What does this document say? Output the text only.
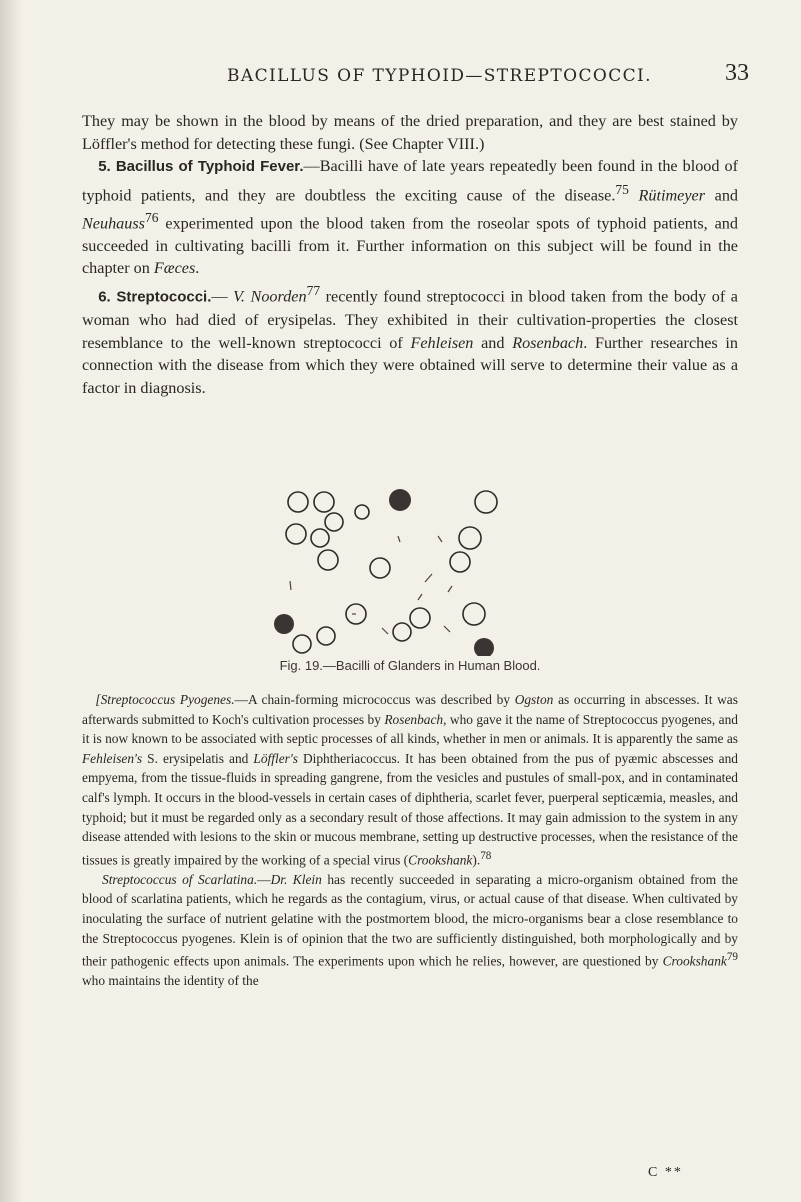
BACILLUS OF TYPHOID—STREPTOCOCCI.	33

They may be shown in the blood by means of the dried preparation, and they are best stained by Löffler's method for detecting these fungi. (See Chapter VIII.)

 5. Bacillus of Typhoid Fever.—Bacilli have of late years repeatedly been found in the blood of typhoid patients, and they are doubtless the exciting cause of the disease.$^{75}$ Rütimeyer and Neuhauss$^{76}$ experimented upon the blood taken from the roseolar spots of typhoid patients, and succeeded in cultivating bacilli from it. Further information on this subject will be found in the chapter on Fæces.

 6. Streptococci.— V. Noorden$^{77}$ recently found streptococci in blood taken from the body of a woman who had died of erysipelas. They exhibited in their cultivation-properties the closest resemblance to the well-known streptococci of Fehleisen and Rosenbach. Further researches in connection with the disease from which they were obtained will serve to determine their value as a factor in diagnosis.

Fig. 19.—Bacilli of Glanders in Human Blood.

 [Streptococcus Pyogenes.—A chain-forming micrococcus was described by Ogston as occurring in abscesses. It was afterwards submitted to Koch's cultivation processes by Rosenbach, who gave it the name of Streptococcus pyogenes, and it is now known to be associated with septic processes of all kinds, whether in men or animals. It is apparently the same as Fehleisen's S. erysipelatis and Löffler's Diphtheriacoccus. It has been obtained from the pus of pyæmic abscesses and empyema, from the tissue-fluids in spreading gangrene, from the vesicles and pustules of small-pox, and in contaminated calf's lymph. It occurs in the blood-vessels in certain cases of diphtheria, scarlet fever, puerperal septicæmia, measles, and typhoid; but it must be regarded only as a secondary result of those affections. It may gain admission to the system in any disease attended with lesions to the skin or mucous membrane, setting up destructive processes, when the resistance of the tissues is greatly impaired by the working of a special virus (Crookshank).$^{78}$

Streptococcus of Scarlatina.—Dr. Klein has recently succeeded in separating a micro-organism obtained from the blood of scarlatina patients, which he regards as the contagium, virus, or actual cause of that disease. When cultivated by inoculating the surface of nutrient gelatine with the postmortem blood, the micro-organisms bear a close resemblance to the Streptococcus pyogenes. Klein is of opinion that the two are sufficiently distinguished, both morphologically and by their pathogenic effects upon animals. The experiments upon which he relies, however, are questioned by Crookshank$^{79}$ who maintains the identity of the

C **
